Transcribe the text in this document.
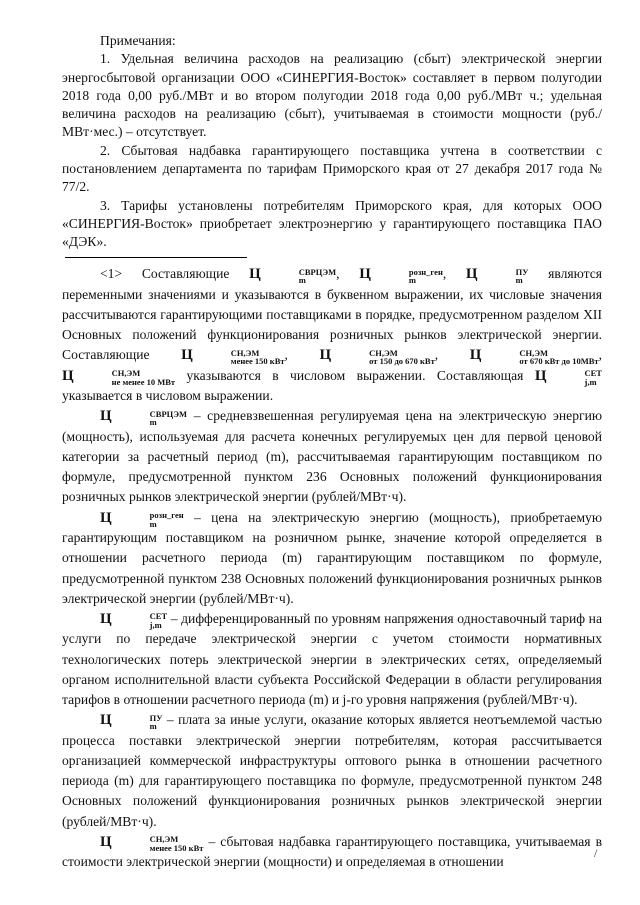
Примечания:

1. Удельная величина расходов на реализацию (сбыт) электрической энергии энергосбытовой организации ООО «СИНЕРГИЯ-Восток» составляет в первом полугодии 2018 года 0,00 руб./МВт и во втором полугодии 2018 года 0,00 руб./МВт ч.; удельная величина расходов на реализацию (сбыт), учитываемая в стоимости мощности (руб./ МВт·мес.) – отсутствует.

2. Сбытовая надбавка гарантирующего поставщика учтена в соответствии с постановлением департамента по тарифам Приморского края от 27 декабря 2017 года № 77/2.

3. Тарифы установлены потребителям Приморского края, для которых ООО «СИНЕРГИЯ-Восток» приобретает электроэнергию у гарантирующего поставщика ПАО «ДЭК».

<1> Составляющие Ц	СВРЦЭМ
m	, Ц	розн_ген
m	, Ц	ПУ
m	являются переменными значениями и указываются в буквенном выражении, их числовые значения рассчитываются гарантирующими поставщиками в порядке, предусмотренном разделом XII Основных положений функционирования розничных рынков электрической энергии. Составляющие Ц	СН,ЭМ
менее 150 кВт , Ц	СН,ЭМ
от 150 до 670 кВт , Ц	СН,ЭМ
от 670 кВт до 10МВт , Ц	СН,ЭМ
не менее 10 МВт указываются в числовом выражении. Составляющая Ц	СЕТ
j,m
указывается в числовом выражении.

Ц	СВРЦЭМ
m	– средневзвешенная регулируемая цена на электрическую энергию (мощность), используемая для расчета конечных регулируемых цен для первой ценовой категории за расчетный период (m), рассчитываемая гарантирующим поставщиком по формуле, предусмотренной пунктом 236 Основных положений функционирования розничных рынков электрической энергии (рублей/МВт·ч).

Ц	розн_ген
m	– цена на электрическую энергию (мощность), приобретаемую гарантирующим поставщиком на розничном рынке, значение которой определяется в отношении расчетного периода (m) гарантирующим поставщиком по формуле, предусмотренной пунктом 238 Основных положений функционирования розничных рынков электрической энергии (рублей/МВт·ч).

Ц	СЕТ
j,m – дифференцированный по уровням напряжения одноставочный тариф на услуги по передаче электрической энергии с учетом стоимости нормативных технологических потерь электрической энергии в электрических сетях, определяемый органом исполнительной власти субъекта Российской Федерации в области регулирования тарифов в отношении расчетного периода (m) и j-го уровня напряжения (рублей/МВт·ч).

Ц	ПУ
m – плата за иные услуги, оказание которых является неотъемлемой частью процесса поставки электрической энергии потребителям, которая рассчитывается организацией коммерческой инфраструктуры оптового рынка в отношении расчетного периода (m) для гарантирующего поставщика по формуле, предусмотренной пунктом 248 Основных положений функционирования розничных рынков электрической энергии (рублей/МВт·ч).

Ц	СН,ЭМ
менее 150 кВт – сбытовая надбавка гарантирующего поставщика, учитываемая в стоимости электрической энергии (мощности) и определяемая в отношении

/
